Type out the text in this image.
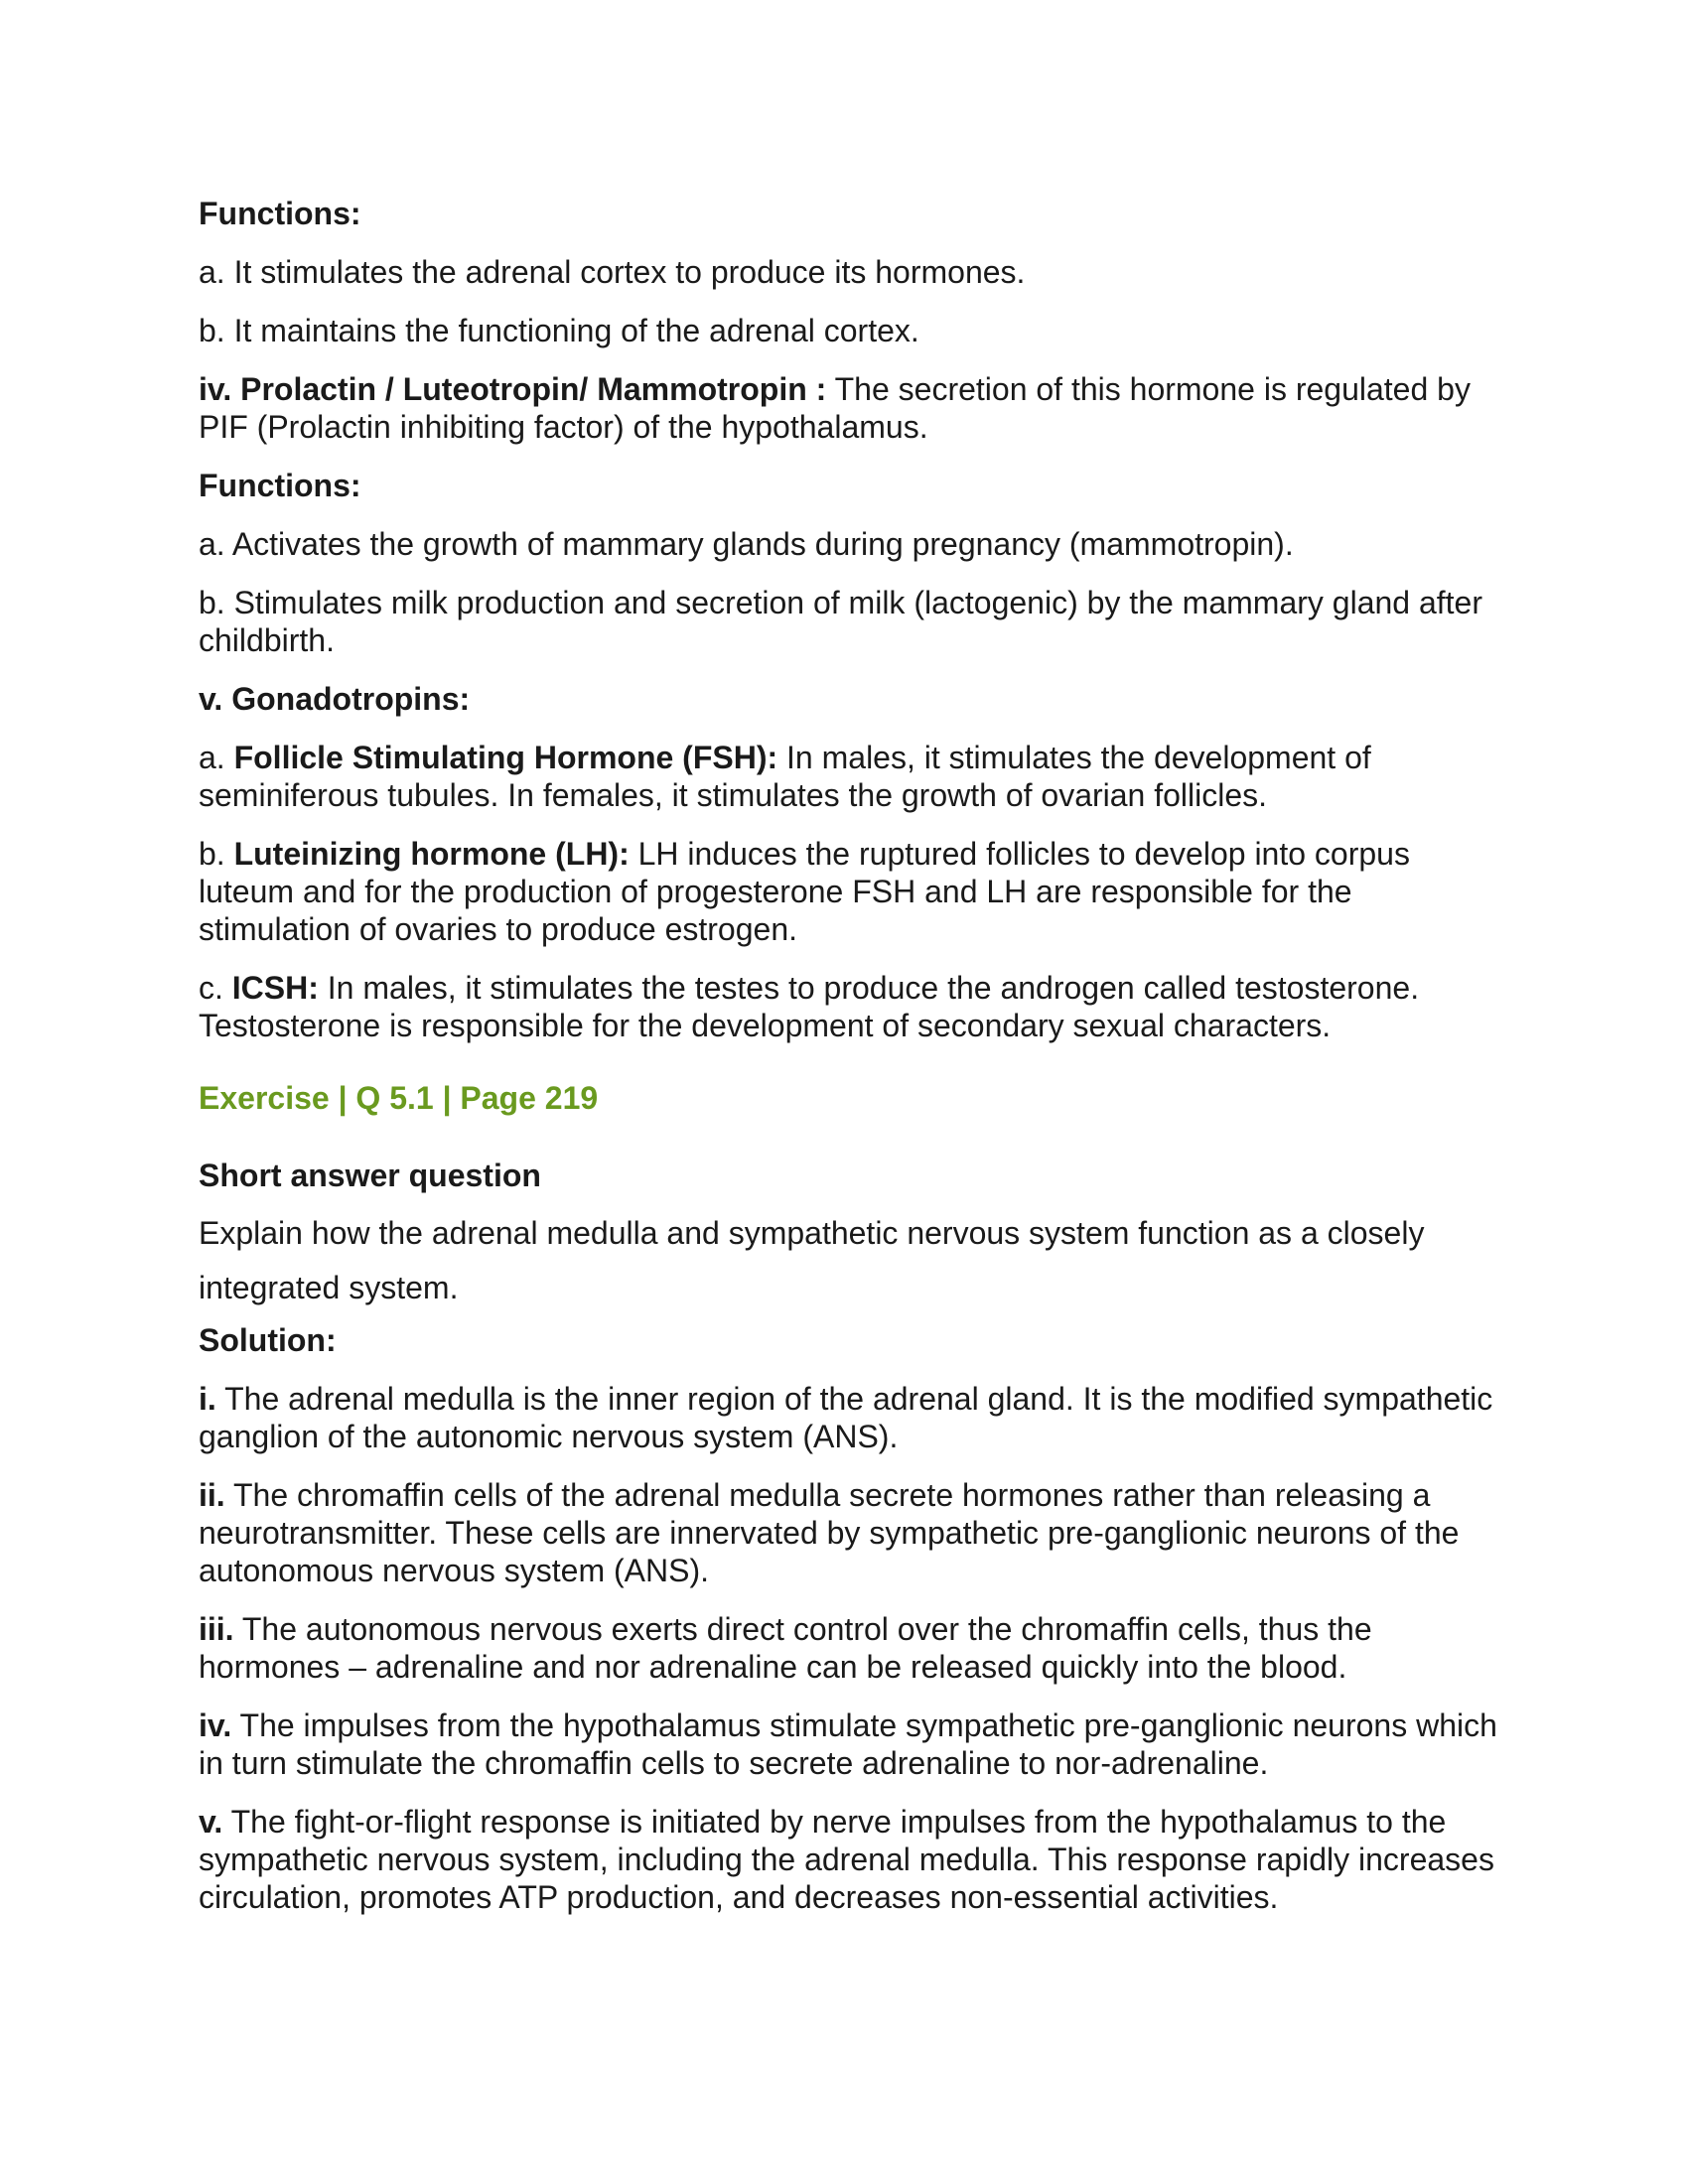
Functions:
a. It stimulates the adrenal cortex to produce its hormones.
b. It maintains the functioning of the adrenal cortex.
iv. Prolactin / Luteotropin/ Mammotropin : The secretion of this hormone is regulated by PIF (Prolactin inhibiting factor) of the hypothalamus.
Functions:
a. Activates the growth of mammary glands during pregnancy (mammotropin).
b. Stimulates milk production and secretion of milk (lactogenic) by the mammary gland after childbirth.
v. Gonadotropins:
a. Follicle Stimulating Hormone (FSH): In males, it stimulates the development of seminiferous tubules. In females, it stimulates the growth of ovarian follicles.
b. Luteinizing hormone (LH): LH induces the ruptured follicles to develop into corpus luteum and for the production of progesterone FSH and LH are responsible for the stimulation of ovaries to produce estrogen.
c. ICSH: In males, it stimulates the testes to produce the androgen called testosterone. Testosterone is responsible for the development of secondary sexual characters.
Exercise | Q 5.1 | Page 219
Short answer question
Explain how the adrenal medulla and sympathetic nervous system function as a closely integrated system.
Solution:
i. The adrenal medulla is the inner region of the adrenal gland. It is the modified sympathetic ganglion of the autonomic nervous system (ANS).
ii. The chromaffin cells of the adrenal medulla secrete hormones rather than releasing a neurotransmitter. These cells are innervated by sympathetic pre-ganglionic neurons of the autonomous nervous system (ANS).
iii. The autonomous nervous exerts direct control over the chromaffin cells, thus the hormones – adrenaline and nor adrenaline can be released quickly into the blood.
iv. The impulses from the hypothalamus stimulate sympathetic pre-ganglionic neurons which in turn stimulate the chromaffin cells to secrete adrenaline to nor-adrenaline.
v. The fight-or-flight response is initiated by nerve impulses from the hypothalamus to the sympathetic nervous system, including the adrenal medulla. This response rapidly increases circulation, promotes ATP production, and decreases non-essential activities.
